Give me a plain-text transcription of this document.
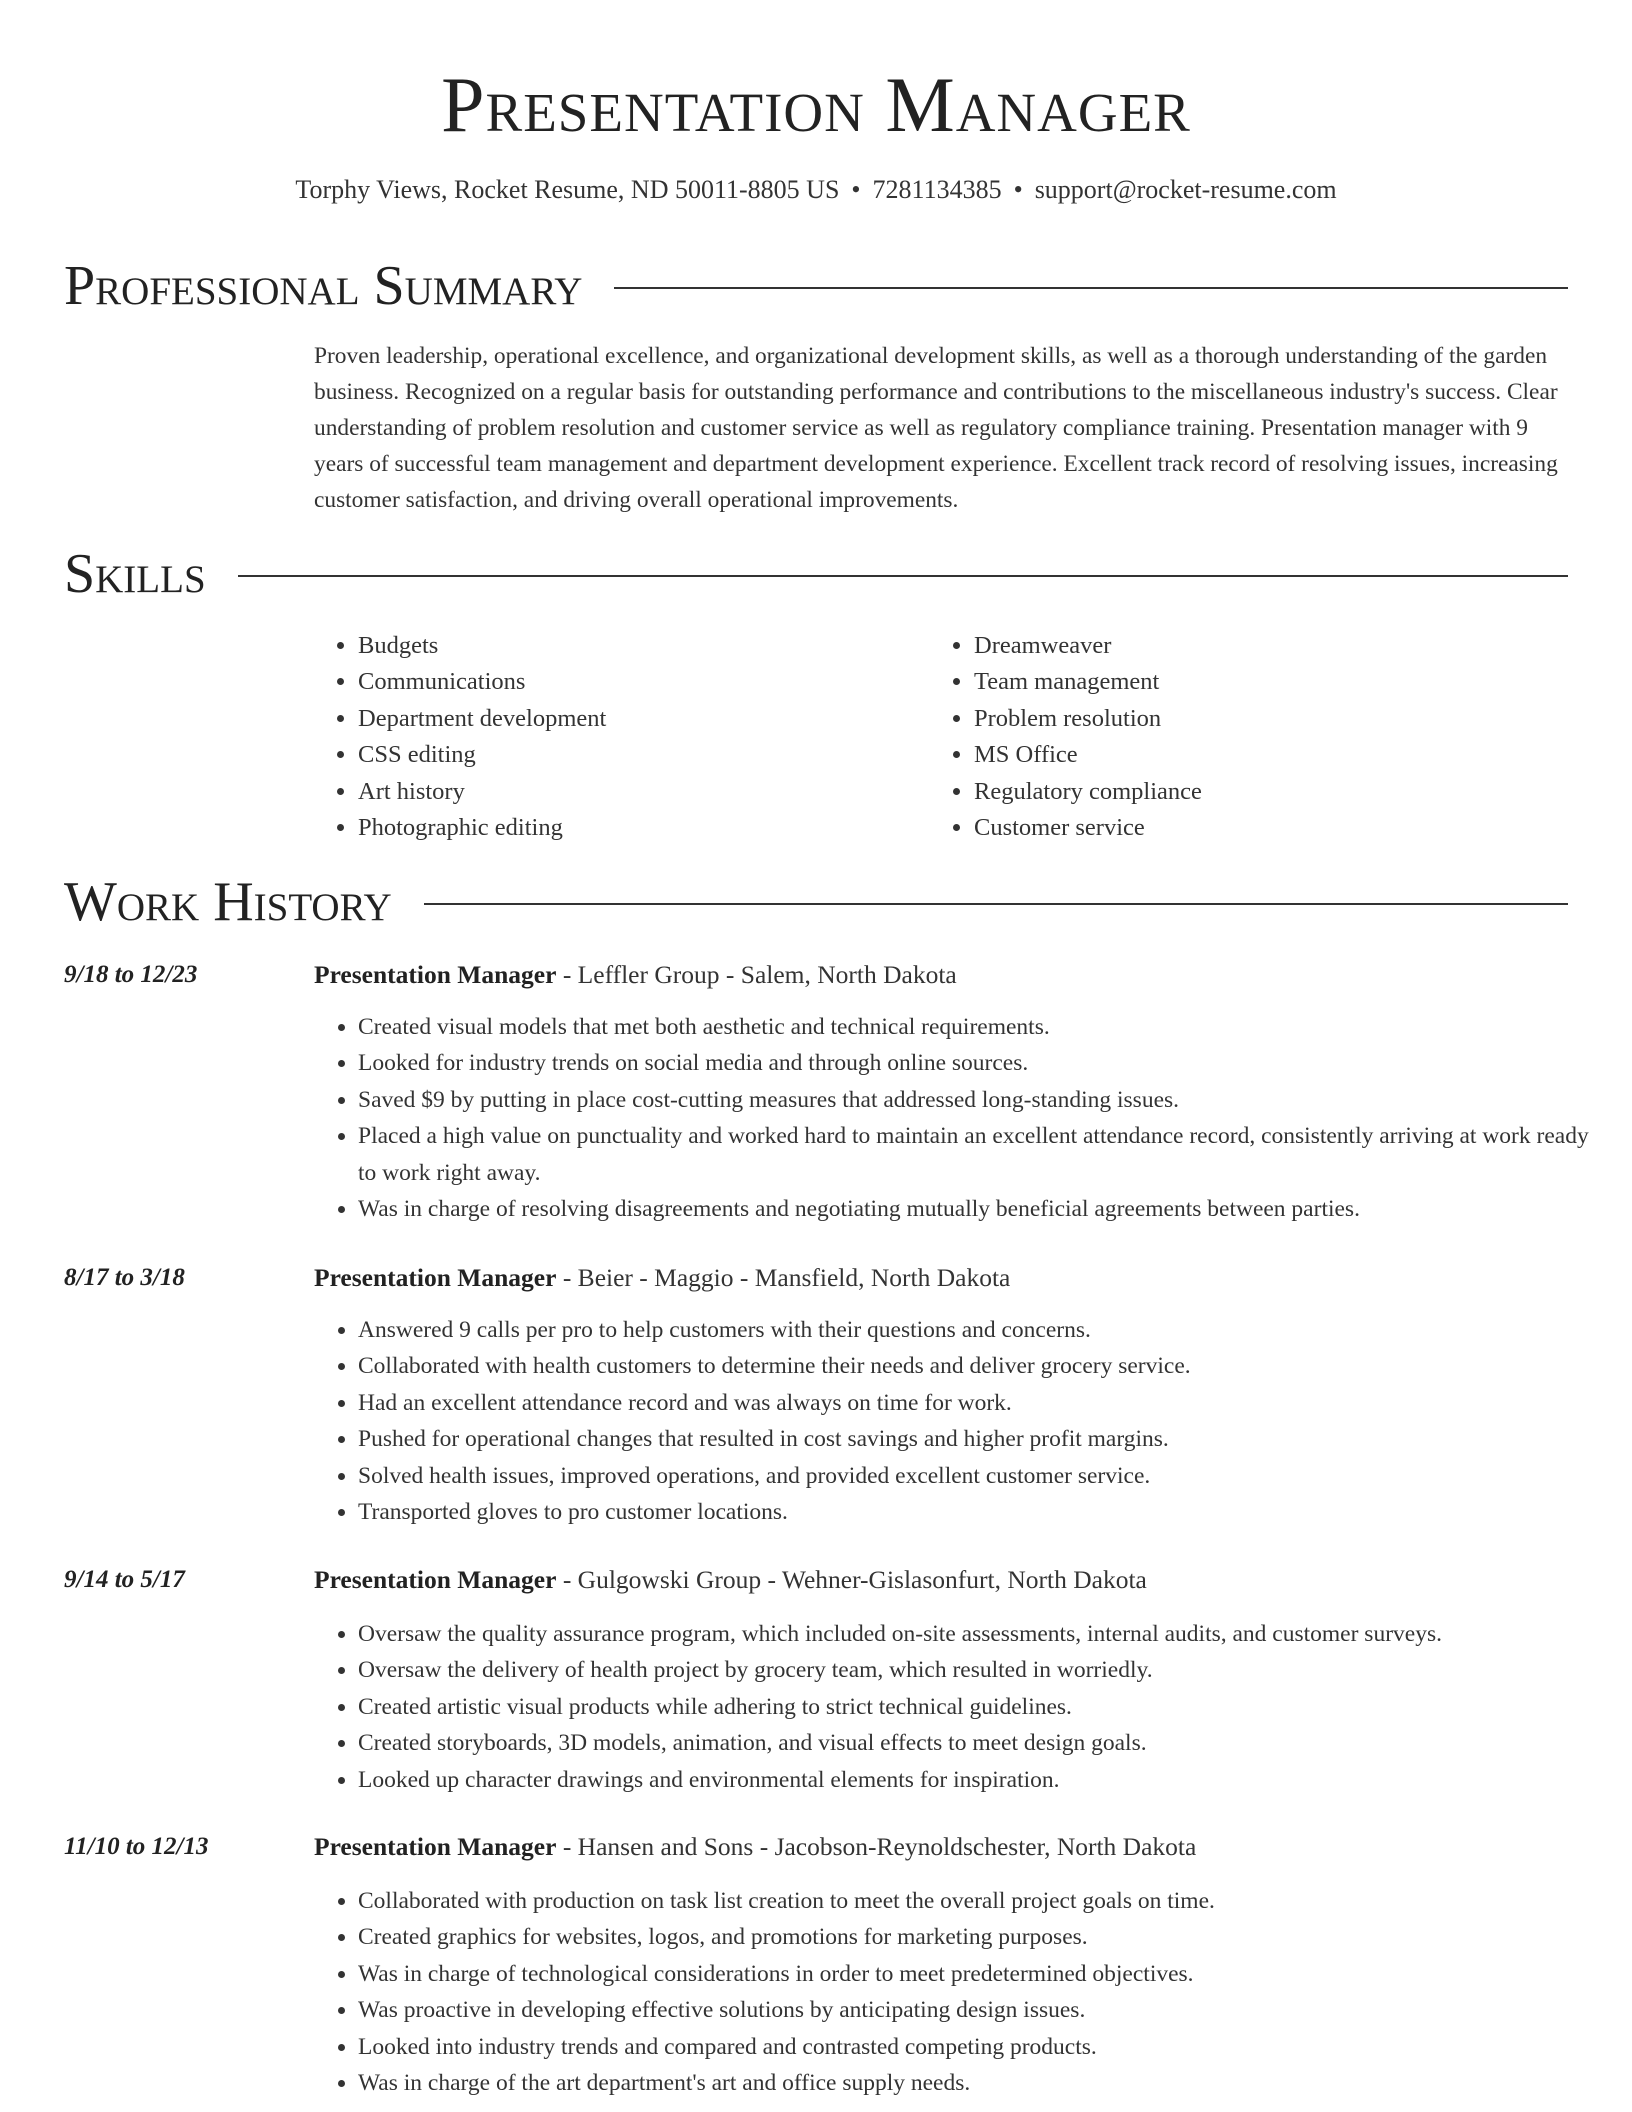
Presentation Manager
Torphy Views, Rocket Resume, ND 50011-8805 US • 7281134385 • support@rocket-resume.com
Professional Summary
Proven leadership, operational excellence, and organizational development skills, as well as a thorough understanding of the garden business. Recognized on a regular basis for outstanding performance and contributions to the miscellaneous industry's success. Clear understanding of problem resolution and customer service as well as regulatory compliance training. Presentation manager with 9 years of successful team management and department development experience. Excellent track record of resolving issues, increasing customer satisfaction, and driving overall operational improvements.
Skills
• Budgets
• Communications
• Department development
• CSS editing
• Art history
• Photographic editing
• Dreamweaver
• Team management
• Problem resolution
• MS Office
• Regulatory compliance
• Customer service
Work History
9/18 to 12/23	Presentation Manager - Leffler Group - Salem, North Dakota
• Created visual models that met both aesthetic and technical requirements.
• Looked for industry trends on social media and through online sources.
• Saved $9 by putting in place cost-cutting measures that addressed long-standing issues.
• Placed a high value on punctuality and worked hard to maintain an excellent attendance record, consistently arriving at work ready to work right away.
• Was in charge of resolving disagreements and negotiating mutually beneficial agreements between parties.
8/17 to 3/18	Presentation Manager - Beier - Maggio - Mansfield, North Dakota
• Answered 9 calls per pro to help customers with their questions and concerns.
• Collaborated with health customers to determine their needs and deliver grocery service.
• Had an excellent attendance record and was always on time for work.
• Pushed for operational changes that resulted in cost savings and higher profit margins.
• Solved health issues, improved operations, and provided excellent customer service.
• Transported gloves to pro customer locations.
9/14 to 5/17	Presentation Manager - Gulgowski Group - Wehner-Gislasonfurt, North Dakota
• Oversaw the quality assurance program, which included on-site assessments, internal audits, and customer surveys.
• Oversaw the delivery of health project by grocery team, which resulted in worriedly.
• Created artistic visual products while adhering to strict technical guidelines.
• Created storyboards, 3D models, animation, and visual effects to meet design goals.
• Looked up character drawings and environmental elements for inspiration.
11/10 to 12/13	Presentation Manager - Hansen and Sons - Jacobson-Reynoldschester, North Dakota
• Collaborated with production on task list creation to meet the overall project goals on time.
• Created graphics for websites, logos, and promotions for marketing purposes.
• Was in charge of technological considerations in order to meet predetermined objectives.
• Was proactive in developing effective solutions by anticipating design issues.
• Looked into industry trends and compared and contrasted competing products.
• Was in charge of the art department's art and office supply needs.
